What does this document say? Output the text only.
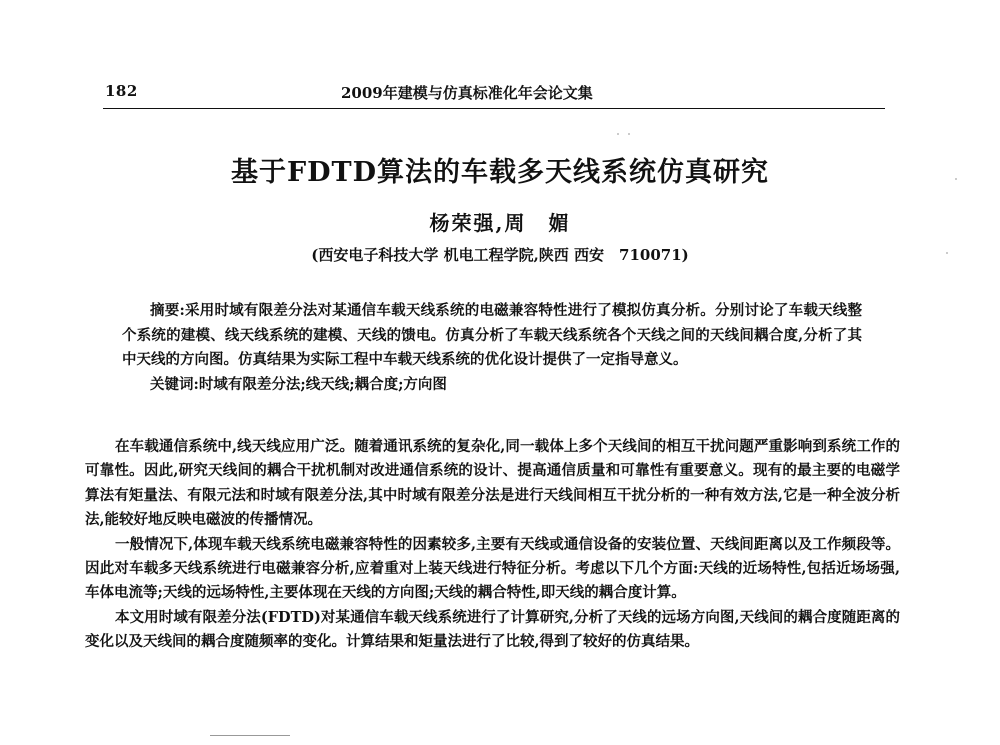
182	2009年建模与仿真标准化年会论文集
基于FDTD算法的车载多天线系统仿真研究
杨荣强,周　媚
(西安电子科技大学 机电工程学院,陕西 西安　710071)

摘要:采用时域有限差分法对某通信车载天线系统的电磁兼容特性进行了模拟仿真分析。分别讨论了车载天线整个系统的建模、线天线系统的建模、天线的馈电。仿真分析了车载天线系统各个天线之间的天线间耦合度,分析了其中天线的方向图。仿真结果为实际工程中车载天线系统的优化设计提供了一定指导意义。

关键词:时域有限差分法;线天线;耦合度;方向图

在车载通信系统中,线天线应用广泛。随着通讯系统的复杂化,同一载体上多个天线间的相互干扰问题严重影响到系统工作的可靠性。因此,研究天线间的耦合干扰机制对改进通信系统的设计、提高通信质量和可靠性有重要意义。现有的最主要的电磁学算法有矩量法、有限元法和时域有限差分法,其中时域有限差分法是进行天线间相互干扰分析的一种有效方法,它是一种全波分析法,能较好地反映电磁波的传播情况。

一般情况下,体现车载天线系统电磁兼容特性的因素较多,主要有天线或通信设备的安装位置、天线间距离以及工作频段等。因此对车载多天线系统进行电磁兼容分析,应着重对上装天线进行特征分析。考虑以下几个方面:天线的近场特性,包括近场场强,车体电流等;天线的远场特性,主要体现在天线的方向图;天线的耦合特性,即天线的耦合度计算。

本文用时域有限差分法(FDTD)对某通信车载天线系统进行了计算研究,分析了天线的远场方向图,天线间的耦合度随距离的变化以及天线间的耦合度随频率的变化。计算结果和矩量法进行了比较,得到了较好的仿真结果。
